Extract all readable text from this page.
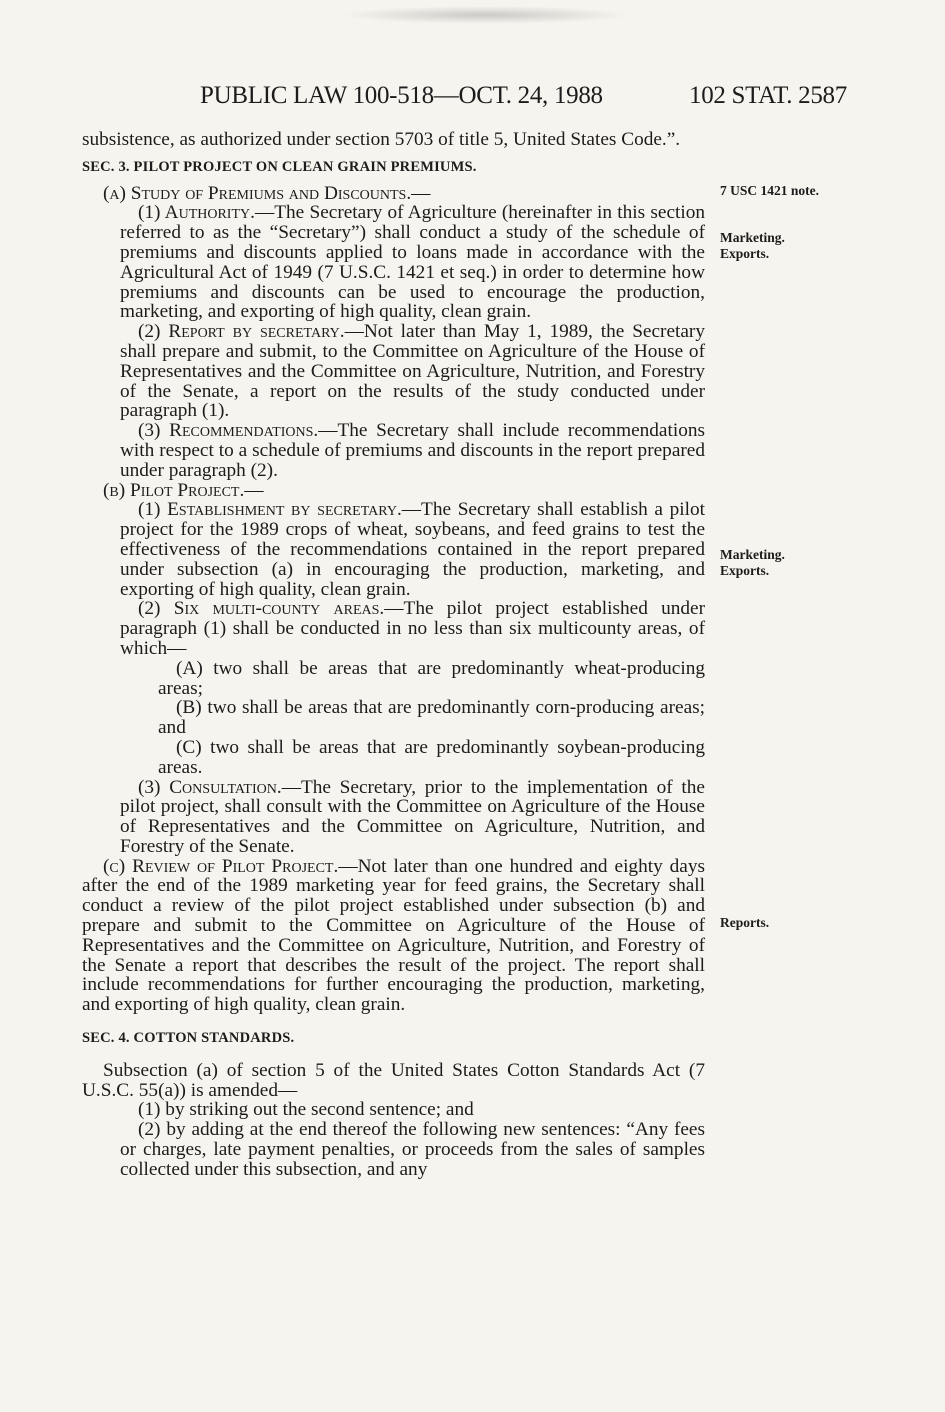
PUBLIC LAW 100-518—OCT. 24, 1988	102 STAT. 2587
7 USC 1421 note.
Marketing.
Exports.
Marketing.
Exports.
Reports.

subsistence, as authorized under section 5703 of title 5, United States Code.”.

SEC. 3. PILOT PROJECT ON CLEAN GRAIN PREMIUMS.

(a) Study of Premiums and Discounts.—

(1) Authority.—The Secretary of Agriculture (hereinafter in this section referred to as the “Secretary”) shall conduct a study of the schedule of premiums and discounts applied to loans made in accordance with the Agricultural Act of 1949 (7 U.S.C. 1421 et seq.) in order to determine how premiums and discounts can be used to encourage the production, marketing, and exporting of high quality, clean grain.

(2) Report by secretary.—Not later than May 1, 1989, the Secretary shall prepare and submit, to the Committee on Agriculture of the House of Representatives and the Committee on Agriculture, Nutrition, and Forestry of the Senate, a report on the results of the study conducted under paragraph (1).

(3) Recommendations.—The Secretary shall include recommendations with respect to a schedule of premiums and discounts in the report prepared under paragraph (2).

(b) Pilot Project.—

(1) Establishment by secretary.—The Secretary shall establish a pilot project for the 1989 crops of wheat, soybeans, and feed grains to test the effectiveness of the recommendations contained in the report prepared under subsection (a) in encouraging the production, marketing, and exporting of high quality, clean grain.

(2) Six multi-county areas.—The pilot project established under paragraph (1) shall be conducted in no less than six multicounty areas, of which—

(A) two shall be areas that are predominantly wheat-producing areas;

(B) two shall be areas that are predominantly corn-producing areas; and

(C) two shall be areas that are predominantly soybean-producing areas.

(3) Consultation.—The Secretary, prior to the implementation of the pilot project, shall consult with the Committee on Agriculture of the House of Representatives and the Committee on Agriculture, Nutrition, and Forestry of the Senate.

(c) Review of Pilot Project.—Not later than one hundred and eighty days after the end of the 1989 marketing year for feed grains, the Secretary shall conduct a review of the pilot project established under subsection (b) and prepare and submit to the Committee on Agriculture of the House of Representatives and the Committee on Agriculture, Nutrition, and Forestry of the Senate a report that describes the result of the project. The report shall include recommendations for further encouraging the production, marketing, and exporting of high quality, clean grain.

SEC. 4. COTTON STANDARDS.

Subsection (a) of section 5 of the United States Cotton Standards Act (7 U.S.C. 55(a)) is amended—

(1) by striking out the second sentence; and

(2) by adding at the end thereof the following new sentences: “Any fees or charges, late payment penalties, or proceeds from the sales of samples collected under this subsection, and any
